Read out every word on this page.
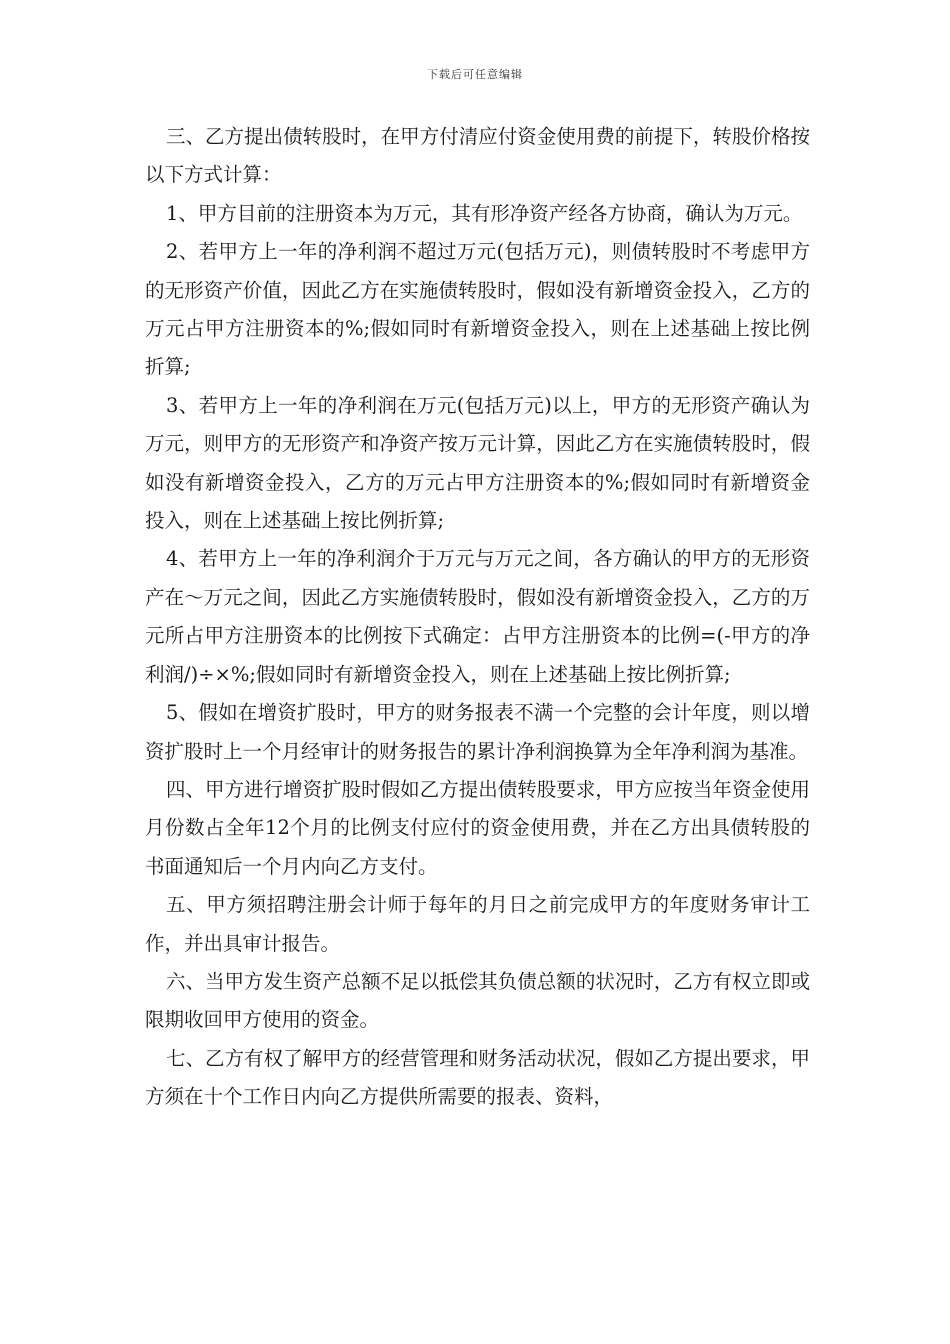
下载后可任意编辑

三、乙方提出债转股时，在甲方付清应付资金使用费的前提下，转股价格按以下方式计算：

1、甲方目前的注册资本为万元，其有形净资产经各方协商，确认为万元。

2、若甲方上一年的净利润不超过万元(包括万元)，则债转股时不考虑甲方的无形资产价值，因此乙方在实施债转股时，假如没有新增资金投入，乙方的万元占甲方注册资本的%;假如同时有新增资金投入，则在上述基础上按比例折算;

3、若甲方上一年的净利润在万元(包括万元)以上，甲方的无形资产确认为万元，则甲方的无形资产和净资产按万元计算，因此乙方在实施债转股时，假如没有新增资金投入，乙方的万元占甲方注册资本的%;假如同时有新增资金投入，则在上述基础上按比例折算;

4、若甲方上一年的净利润介于万元与万元之间，各方确认的甲方的无形资产在～万元之间，因此乙方实施债转股时，假如没有新增资金投入，乙方的万元所占甲方注册资本的比例按下式确定：占甲方注册资本的比例=(-甲方的净利润/)÷×%;假如同时有新增资金投入，则在上述基础上按比例折算;

5、假如在增资扩股时，甲方的财务报表不满一个完整的会计年度，则以增资扩股时上一个月经审计的财务报告的累计净利润换算为全年净利润为基准。

四、甲方进行增资扩股时假如乙方提出债转股要求，甲方应按当年资金使用月份数占全年12个月的比例支付应付的资金使用费，并在乙方出具债转股的书面通知后一个月内向乙方支付。

五、甲方须招聘注册会计师于每年的月日之前完成甲方的年度财务审计工作，并出具审计报告。

六、当甲方发生资产总额不足以抵偿其负债总额的状况时，乙方有权立即或限期收回甲方使用的资金。

七、乙方有权了解甲方的经营管理和财务活动状况，假如乙方提出要求，甲方须在十个工作日内向乙方提供所需要的报表、资料，
